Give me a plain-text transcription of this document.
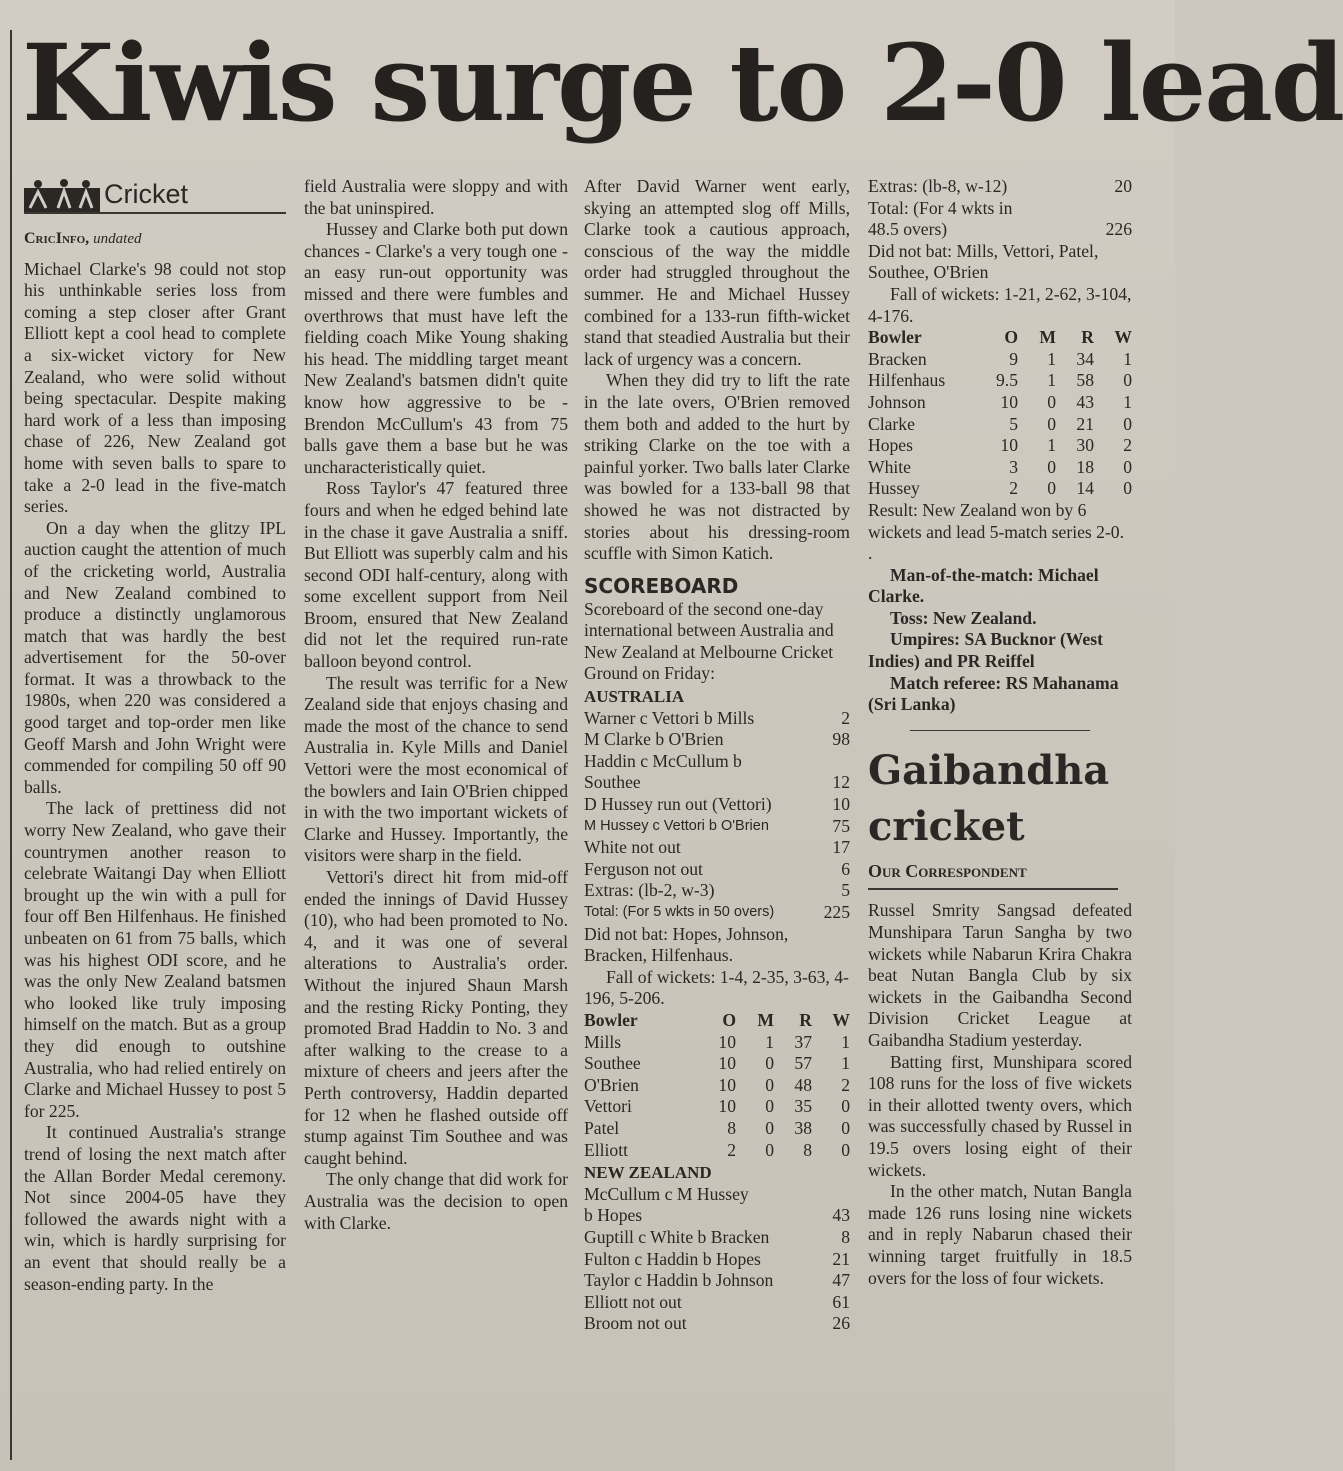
Kiwis surge to 2-0 lead
Cricket
CricInfo, undated

Michael Clarke's 98 could not stop his unthinkable series loss from coming a step closer after Grant Elliott kept a cool head to complete a six-wicket victory for New Zealand, who were solid without being spectacular. Despite making hard work of a less than imposing chase of 226, New Zealand got home with seven balls to spare to take a 2-0 lead in the five-match series.

On a day when the glitzy IPL auction caught the attention of much of the cricketing world, Australia and New Zealand combined to produce a distinctly unglamorous match that was hardly the best advertisement for the 50-over format. It was a throwback to the 1980s, when 220 was considered a good target and top-order men like Geoff Marsh and John Wright were commended for compiling 50 off 90 balls.

The lack of prettiness did not worry New Zealand, who gave their countrymen another reason to celebrate Waitangi Day when Elliott brought up the win with a pull for four off Ben Hilfenhaus. He finished unbeaten on 61 from 75 balls, which was his highest ODI score, and he was the only New Zealand batsmen who looked like truly imposing himself on the match. But as a group they did enough to outshine Australia, who had relied entirely on Clarke and Michael Hussey to post 5 for 225.

It continued Australia's strange trend of losing the next match after the Allan Border Medal ceremony. Not since 2004-05 have they followed the awards night with a win, which is hardly surprising for an event that should really be a season-ending party. In the

field Australia were sloppy and with the bat uninspired.

Hussey and Clarke both put down chances - Clarke's a very tough one - an easy run-out opportunity was missed and there were fumbles and overthrows that must have left the fielding coach Mike Young shaking his head. The middling target meant New Zealand's batsmen didn't quite know how aggressive to be - Brendon McCullum's 43 from 75 balls gave them a base but he was uncharacteristically quiet.

Ross Taylor's 47 featured three fours and when he edged behind late in the chase it gave Australia a sniff. But Elliott was superbly calm and his second ODI half-century, along with some excellent support from Neil Broom, ensured that New Zealand did not let the required run-rate balloon beyond control.

The result was terrific for a New Zealand side that enjoys chasing and made the most of the chance to send Australia in. Kyle Mills and Daniel Vettori were the most economical of the bowlers and Iain O'Brien chipped in with the two important wickets of Clarke and Hussey. Importantly, the visitors were sharp in the field.

Vettori's direct hit from mid-off ended the innings of David Hussey (10), who had been promoted to No. 4, and it was one of several alterations to Australia's order. Without the injured Shaun Marsh and the resting Ricky Ponting, they promoted Brad Haddin to No. 3 and after walking to the crease to a mixture of cheers and jeers after the Perth controversy, Haddin departed for 12 when he flashed outside off stump against Tim Southee and was caught behind.

The only change that did work for Australia was the decision to open with Clarke.

After David Warner went early, skying an attempted slog off Mills, Clarke took a cautious approach, conscious of the way the middle order had struggled throughout the summer. He and Michael Hussey combined for a 133-run fifth-wicket stand that steadied Australia but their lack of urgency was a concern.

When they did try to lift the rate in the late overs, O'Brien removed them both and added to the hurt by striking Clarke on the toe with a painful yorker. Two balls later Clarke was bowled for a 133-ball 98 that showed he was not distracted by stories about his dressing-room scuffle with Simon Katich.

SCOREBOARD

Scoreboard of the second one-day international between Australia and New Zealand at Melbourne Cricket Ground on Friday:

AUSTRALIA
Warner c Vettori b Mills	2
M Clarke b O'Brien	98
Haddin c McCullum b
Southee	12
D Hussey run out (Vettori)	10
M Hussey c Vettori b O'Brien	75
White not out	17
Ferguson not out	6
Extras: (lb-2, w-3)	5
Total: (For 5 wkts in 50 overs)	225

Did not bat: Hopes, Johnson, Bracken, Hilfenhaus.

Fall of wickets: 1-4, 2-35, 3-63, 4-196, 5-206.

Bowler	O	M	R	W
Mills	10	1	37	1
Southee	10	0	57	1
O'Brien	10	0	48	2
Vettori	10	0	35	0
Patel	8	0	38	0
Elliott	2	0	8	0
NEW ZEALAND
McCullum c M Hussey
b Hopes	43
Guptill c White b Bracken	8
Fulton c Haddin b Hopes	21
Taylor c Haddin b Johnson	47
Elliott not out	61
Broom not out	26
Extras: (lb-8, w-12)	20
Total: (For 4 wkts in
48.5 overs)	226

Did not bat: Mills, Vettori, Patel, Southee, O'Brien

Fall of wickets: 1-21, 2-62, 3-104, 4-176.

Bowler	O	M	R	W
Bracken	9	1	34	1
Hilfenhaus	9.5	1	58	0
Johnson	10	0	43	1
Clarke	5	0	21	0
Hopes	10	1	30	2
White	3	0	18	0
Hussey	2	0	14	0

Result: New Zealand won by 6 wickets and lead 5-match series 2-0. .

Man-of-the-match: Michael Clarke.

Toss: New Zealand.

Umpires: SA Bucknor (West Indies) and PR Reiffel

Match referee: RS Mahanama (Sri Lanka)

Gaibandha
cricket
Our Correspondent

Russel Smrity Sangsad defeated Munshipara Tarun Sangha by two wickets while Nabarun Krira Chakra beat Nutan Bangla Club by six wickets in the Gaibandha Second Division Cricket League at Gaibandha Stadium yesterday.

Batting first, Munshipara scored 108 runs for the loss of five wickets in their allotted twenty overs, which was successfully chased by Russel in 19.5 overs losing eight of their wickets.

In the other match, Nutan Bangla made 126 runs losing nine wickets and in reply Nabarun chased their winning target fruitfully in 18.5 overs for the loss of four wickets.
